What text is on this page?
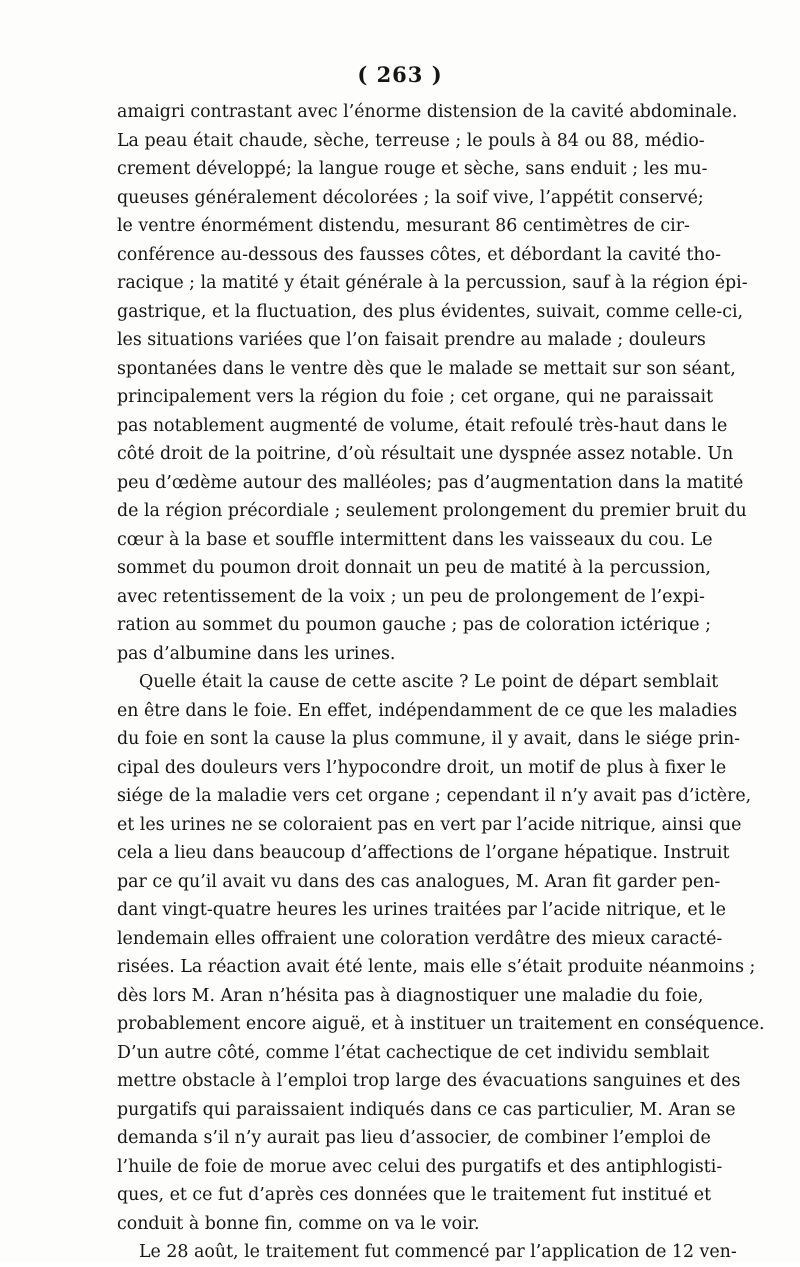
( 263 )
amaigri contrastant avec l’énorme distension de la cavité abdominale.
La peau était chaude, sèche, terreuse ; le pouls à 84 ou 88, médio-
crement développé; la langue rouge et sèche, sans enduit ; les mu-
queuses généralement décolorées ; la soif vive, l’appétit conservé;
le ventre énormément distendu, mesurant 86 centimètres de cir-
conférence au-dessous des fausses côtes, et débordant la cavité tho-
racique ; la matité y était générale à la percussion, sauf à la région épi-
gastrique, et la fluctuation, des plus évidentes, suivait, comme celle-ci,
les situations variées que l’on faisait prendre au malade ; douleurs
spontanées dans le ventre dès que le malade se mettait sur son séant,
principalement vers la région du foie ; cet organe, qui ne paraissait
pas notablement augmenté de volume, était refoulé très-haut dans le
côté droit de la poitrine, d’où résultait une dyspnée assez notable. Un
peu d’œdème autour des malléoles; pas d’augmentation dans la matité
de la région précordiale ; seulement prolongement du premier bruit du
cœur à la base et souffle intermittent dans les vaisseaux du cou. Le
sommet du poumon droit donnait un peu de matité à la percussion,
avec retentissement de la voix ; un peu de prolongement de l’expi-
ration au sommet du poumon gauche ; pas de coloration ictérique ;
pas d’albumine dans les urines.
Quelle était la cause de cette ascite ? Le point de départ semblait
en être dans le foie. En effet, indépendamment de ce que les maladies
du foie en sont la cause la plus commune, il y avait, dans le siége prin-
cipal des douleurs vers l’hypocondre droit, un motif de plus à fixer le
siége de la maladie vers cet organe ; cependant il n’y avait pas d’ictère,
et les urines ne se coloraient pas en vert par l’acide nitrique, ainsi que
cela a lieu dans beaucoup d’affections de l’organe hépatique. Instruit
par ce qu’il avait vu dans des cas analogues, M. Aran fit garder pen-
dant vingt-quatre heures les urines traitées par l’acide nitrique, et le
lendemain elles offraient une coloration verdâtre des mieux caracté-
risées. La réaction avait été lente, mais elle s’était produite néanmoins ;
dès lors M. Aran n’hésita pas à diagnostiquer une maladie du foie,
probablement encore aiguë, et à instituer un traitement en conséquence.
D’un autre côté, comme l’état cachectique de cet individu semblait
mettre obstacle à l’emploi trop large des évacuations sanguines et des
purgatifs qui paraissaient indiqués dans ce cas particulier, M. Aran se
demanda s’il n’y aurait pas lieu d’associer, de combiner l’emploi de
l’huile de foie de morue avec celui des purgatifs et des antiphlogisti-
ques, et ce fut d’après ces données que le traitement fut institué et
conduit à bonne fin, comme on va le voir.
Le 28 août, le traitement fut commencé par l’application de 12 ven-
